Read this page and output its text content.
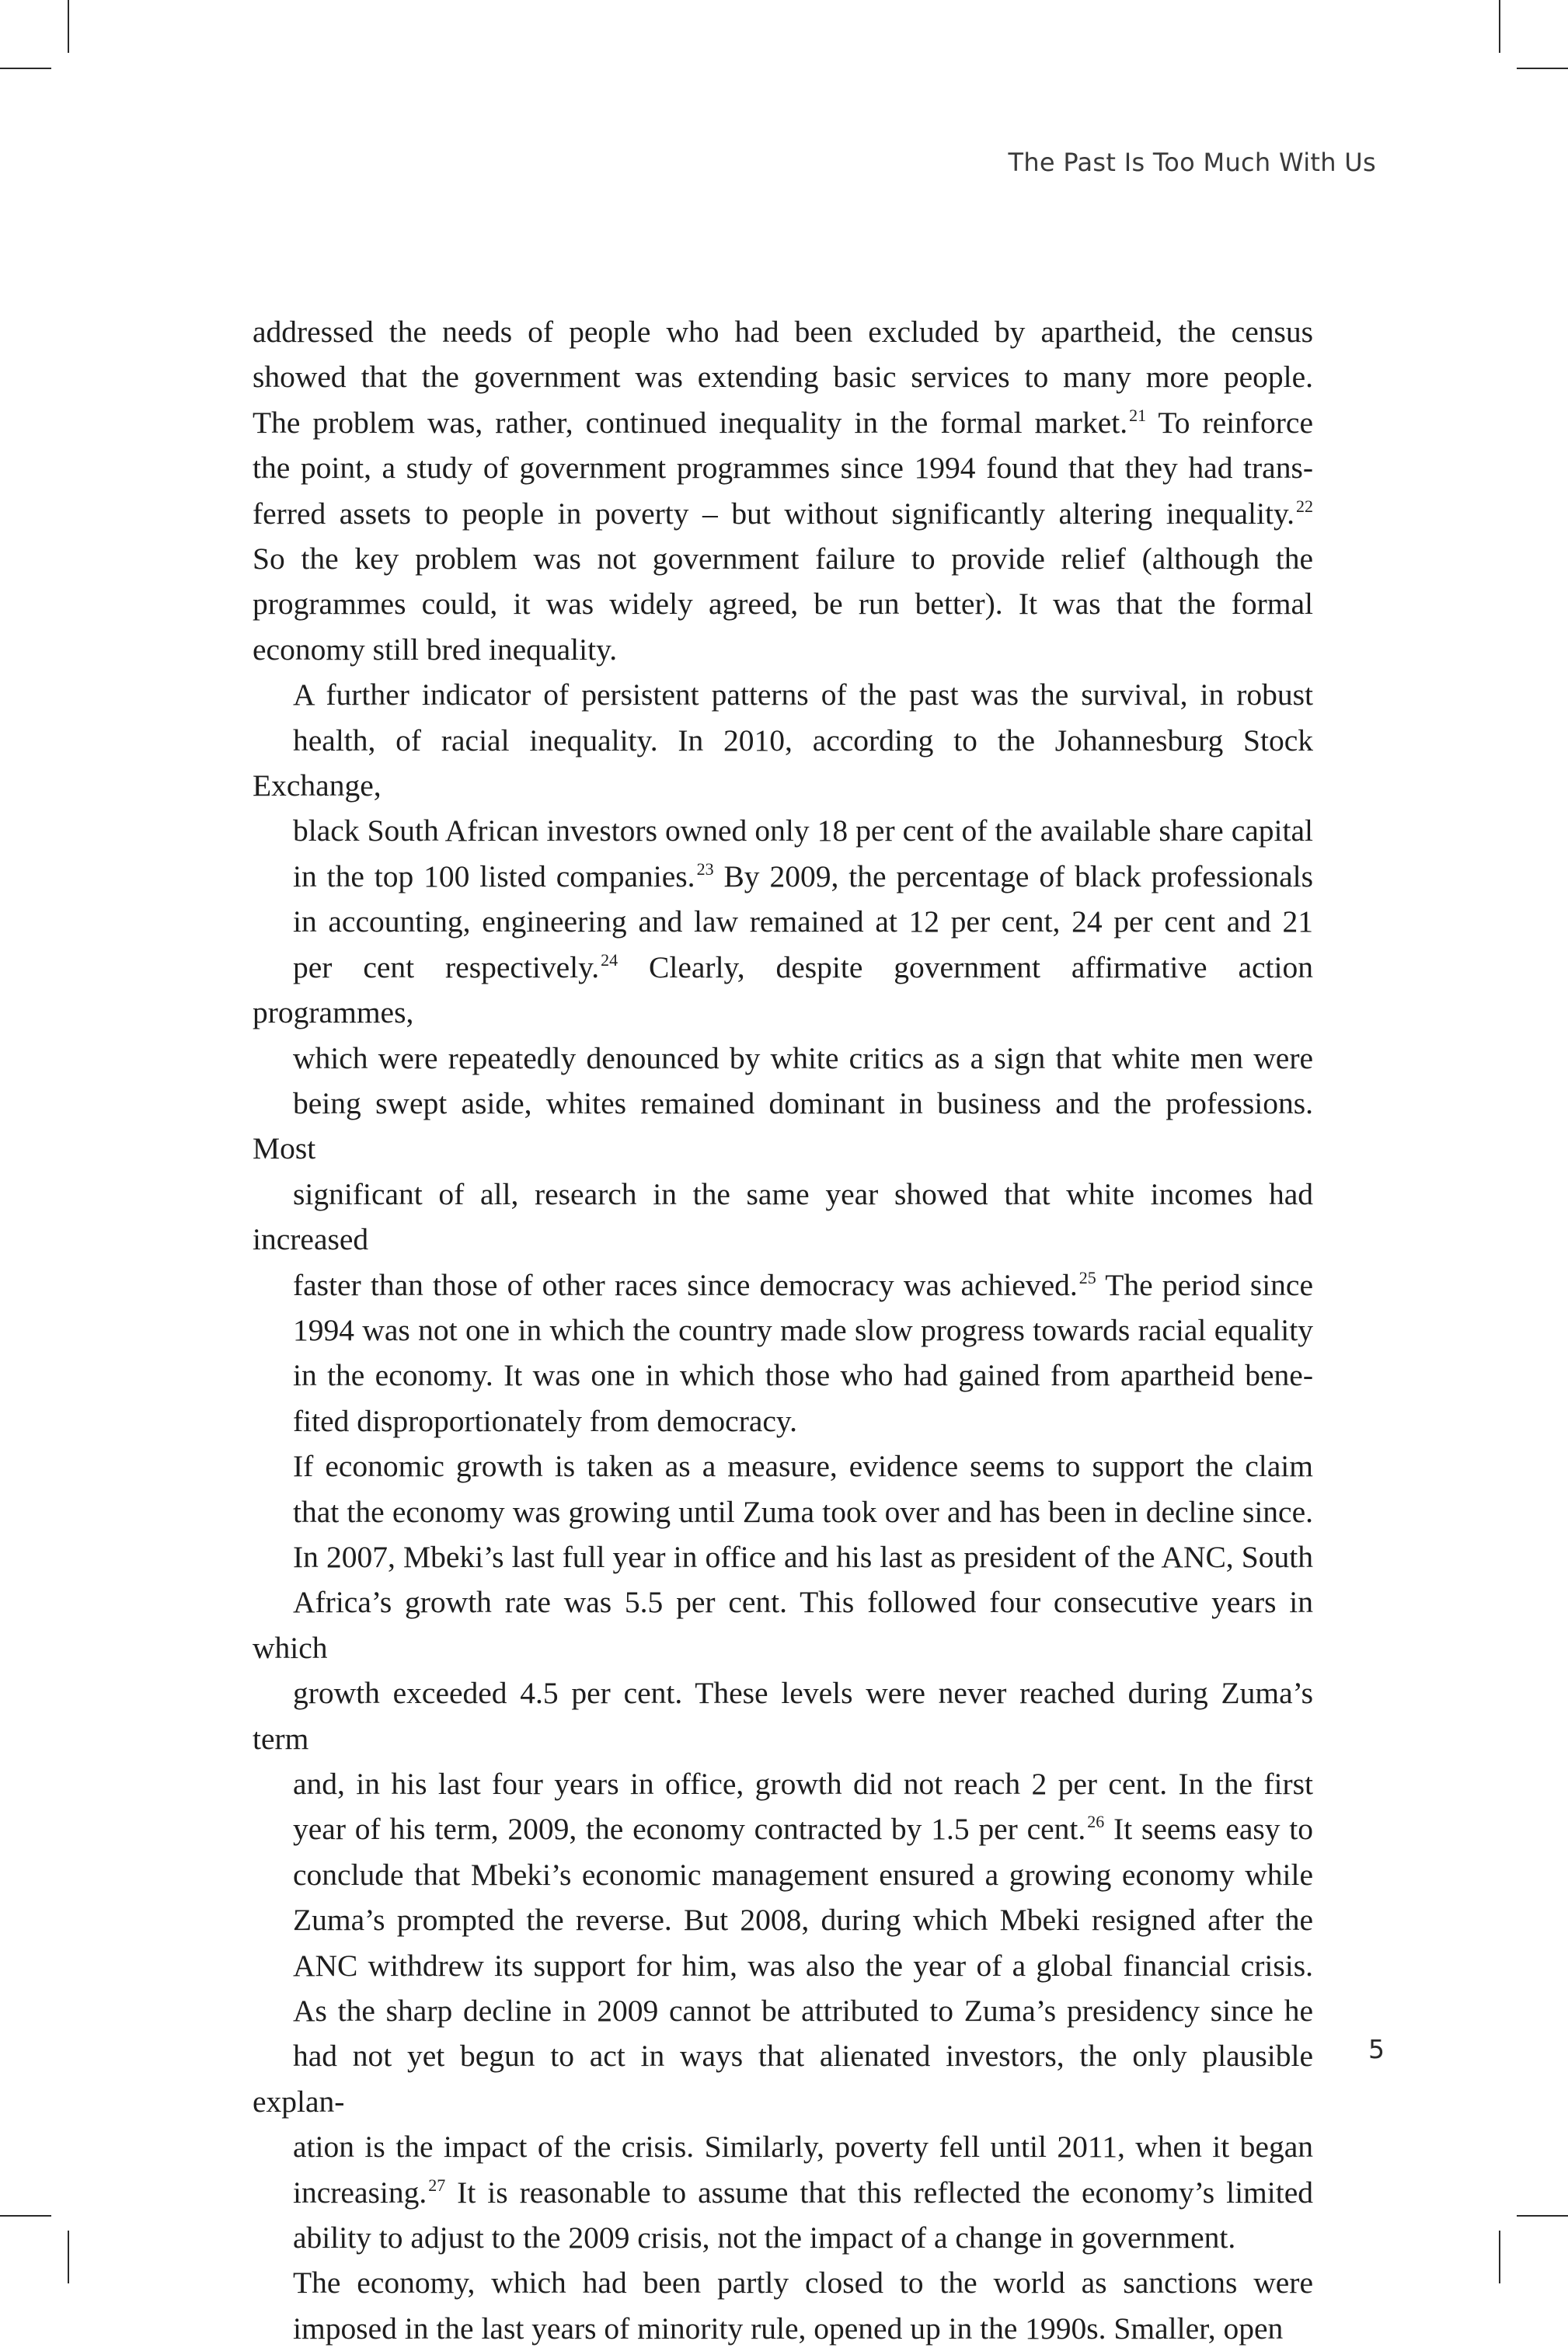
The Past Is Too Much With Us
addressed the needs of people who had been excluded by apartheid, the census
showed that the government was extending basic services to many more people.
The problem was, rather, continued inequality in the formal market.$^{21}$ To reinforce
the point, a study of government programmes since 1994 found that they had trans-
ferred assets to people in poverty – but without significantly altering inequality.$^{22}$
So the key problem was not government failure to provide relief (although the
programmes could, it was widely agreed, be run better). It was that the formal
economy still bred inequality.
A further indicator of persistent patterns of the past was the survival, in robust
health, of racial inequality. In 2010, according to the Johannesburg Stock Exchange,
black South African investors owned only 18 per cent of the available share capital
in the top 100 listed companies.$^{23}$ By 2009, the percentage of black professionals
in accounting, engineering and law remained at 12 per cent, 24 per cent and 21
per cent respectively.$^{24}$ Clearly, despite government affirmative action programmes,
which were repeatedly denounced by white critics as a sign that white men were
being swept aside, whites remained dominant in business and the professions. Most
significant of all, research in the same year showed that white incomes had increased
faster than those of other races since democracy was achieved.$^{25}$ The period since
1994 was not one in which the country made slow progress towards racial equality
in the economy. It was one in which those who had gained from apartheid bene-
fited disproportionately from democracy.
If economic growth is taken as a measure, evidence seems to support the claim
that the economy was growing until Zuma took over and has been in decline since.
In 2007, Mbeki’s last full year in office and his last as president of the ANC, South
Africa’s growth rate was 5.5 per cent. This followed four consecutive years in which
growth exceeded 4.5 per cent. These levels were never reached during Zuma’s term
and, in his last four years in office, growth did not reach 2 per cent. In the first
year of his term, 2009, the economy contracted by 1.5 per cent.$^{26}$ It seems easy to
conclude that Mbeki’s economic management ensured a growing economy while
Zuma’s prompted the reverse. But 2008, during which Mbeki resigned after the
ANC withdrew its support for him, was also the year of a global financial crisis.
As the sharp decline in 2009 cannot be attributed to Zuma’s presidency since he
had not yet begun to act in ways that alienated investors, the only plausible explan-
ation is the impact of the crisis. Similarly, poverty fell until 2011, when it began
increasing.$^{27}$ It is reasonable to assume that this reflected the economy’s limited
ability to adjust to the 2009 crisis, not the impact of a change in government.
The economy, which had been partly closed to the world as sanctions were
imposed in the last years of minority rule, opened up in the 1990s. Smaller, open
5
